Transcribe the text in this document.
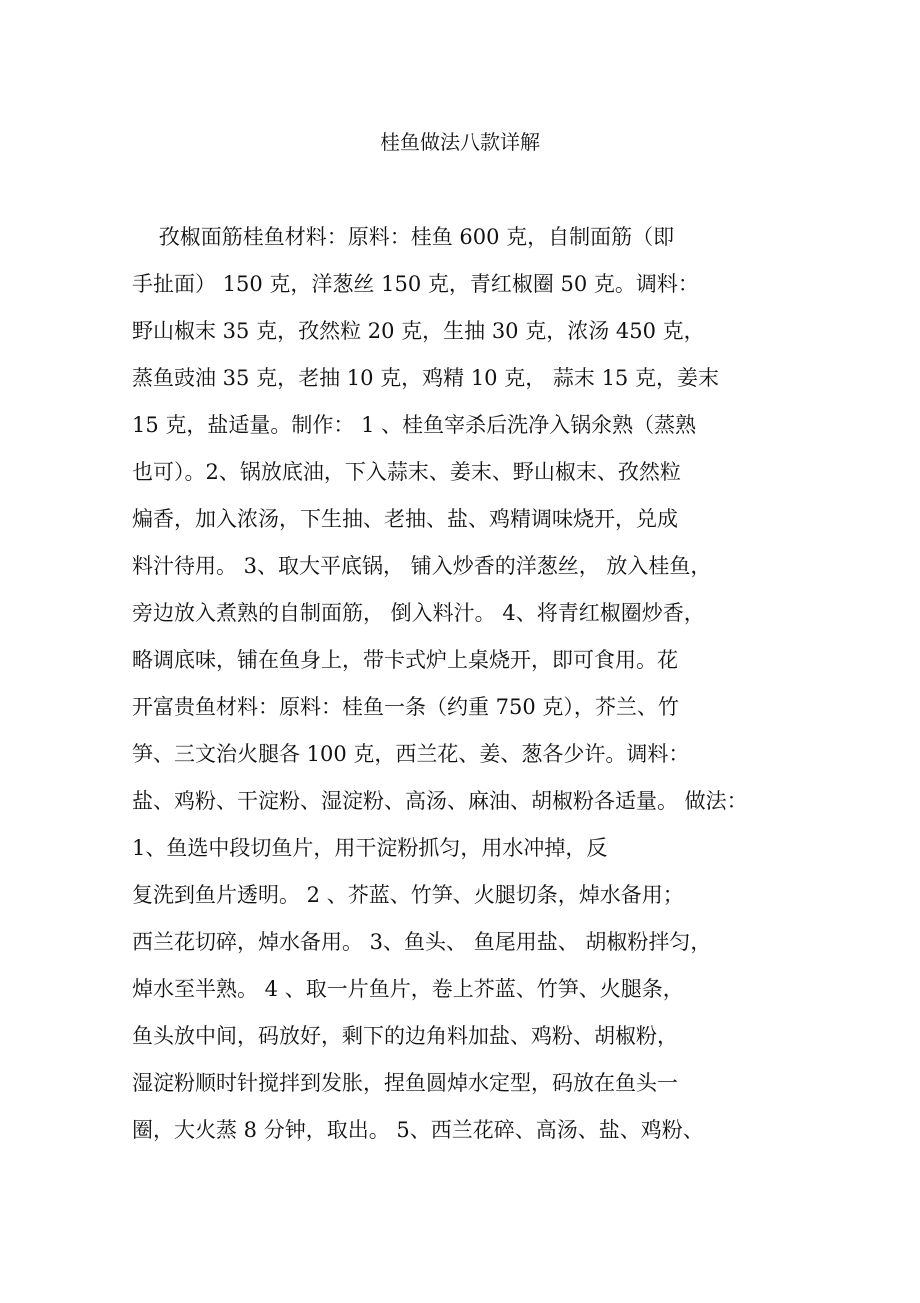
桂鱼做法八款详解
孜椒面筋桂鱼材料：原料：桂鱼 600 克，自制面筋（即
手扯面） 150 克，洋葱丝 150 克，青红椒圈 50 克。调料：
野山椒末 35 克，孜然粒 20 克，生抽 30 克，浓汤 450 克，
蒸鱼豉油 35 克，老抽 10 克，鸡精 10 克， 蒜末 15 克，姜末
15 克，盐适量。制作： 1 、桂鱼宰杀后洗净入锅氽熟（蒸熟
也可）。2、锅放底油，下入蒜末、姜末、野山椒末、孜然粒
煸香，加入浓汤，下生抽、老抽、盐、鸡精调味烧开，兑成
料汁待用。 3、取大平底锅， 铺入炒香的洋葱丝， 放入桂鱼，
旁边放入煮熟的自制面筋， 倒入料汁。 4、将青红椒圈炒香，
略调底味，铺在鱼身上，带卡式炉上桌烧开，即可食用。花
开富贵鱼材料：原料：桂鱼一条（约重 750 克），芥兰、竹
笋、三文治火腿各 100 克，西兰花、姜、葱各少许。调料：
盐、鸡粉、干淀粉、湿淀粉、高汤、麻油、胡椒粉各适量。 做法：
1、鱼选中段切鱼片，用干淀粉抓匀，用水冲掉，反
复洗到鱼片透明。 2 、芥蓝、竹笋、火腿切条，焯水备用；
西兰花切碎，焯水备用。 3、鱼头、 鱼尾用盐、 胡椒粉拌匀，
焯水至半熟。 4 、取一片鱼片，卷上芥蓝、竹笋、火腿条，
鱼头放中间，码放好，剩下的边角料加盐、鸡粉、胡椒粉，
湿淀粉顺时针搅拌到发胀，捏鱼圆焯水定型，码放在鱼头一
圈，大火蒸 8 分钟，取出。 5、西兰花碎、高汤、盐、鸡粉、
